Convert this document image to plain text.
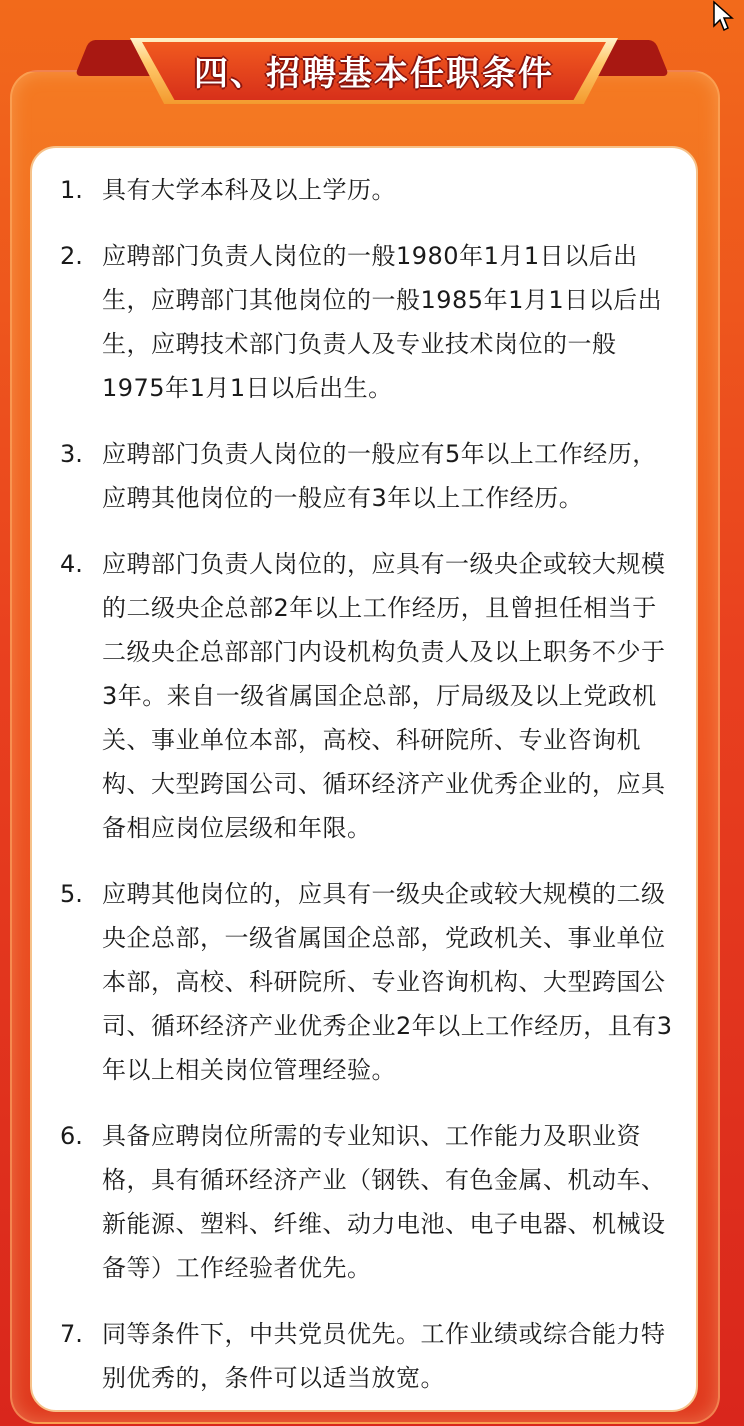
四、招聘基本任职条件
1. 具有大学本科及以上学历。
2. 应聘部门负责人岗位的一般1980年1月1日以后出生，应聘部门其他岗位的一般1985年1月1日以后出生，应聘技术部门负责人及专业技术岗位的一般1975年1月1日以后出生。
3. 应聘部门负责人岗位的一般应有5年以上工作经历，应聘其他岗位的一般应有3年以上工作经历。
4. 应聘部门负责人岗位的，应具有一级央企或较大规模的二级央企总部2年以上工作经历，且曾担任相当于二级央企总部部门内设机构负责人及以上职务不少于3年。来自一级省属国企总部，厅局级及以上党政机关、事业单位本部，高校、科研院所、专业咨询机构、大型跨国公司、循环经济产业优秀企业的，应具备相应岗位层级和年限。
5. 应聘其他岗位的，应具有一级央企或较大规模的二级央企总部，一级省属国企总部，党政机关、事业单位本部，高校、科研院所、专业咨询机构、大型跨国公司、循环经济产业优秀企业2年以上工作经历，且有3年以上相关岗位管理经验。
6. 具备应聘岗位所需的专业知识、工作能力及职业资格，具有循环经济产业（钢铁、有色金属、机动车、新能源、塑料、纤维、动力电池、电子电器、机械设备等）工作经验者优先。
7. 同等条件下，中共党员优先。工作业绩或综合能力特别优秀的，条件可以适当放宽。
